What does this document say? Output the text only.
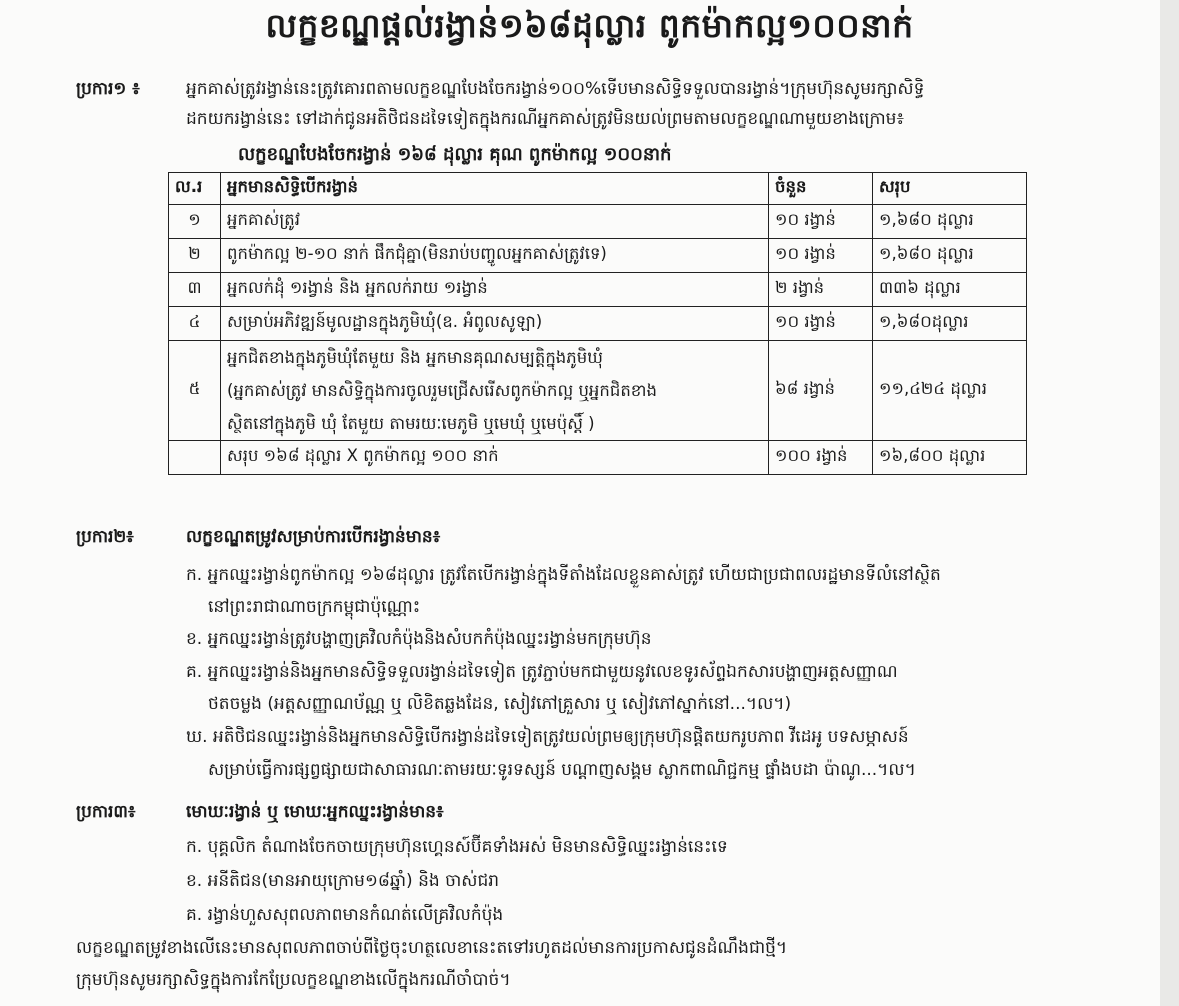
លក្ខខណ្ឌផ្តល់រង្វាន់១៦៨ដុល្លារ ពូកម៉ាកល្អ១០០នាក់
ប្រការ១ ៖	អ្នកគាស់ត្រូវរង្វាន់នេះត្រូវគោរពតាមលក្ខខណ្ឌបែងចែករង្វាន់១០០%ទើបមានសិទ្ធិទទួលបានរង្វាន់។ក្រុមហ៊ុនសូមរក្សាសិទ្ធិ
ដកយករង្វាន់នេះ ទៅដាក់ជូនអតិថិជនដទៃទៀតក្នុងករណីអ្នកគាស់ត្រូវមិនយល់ព្រមតាមលក្ខខណ្ឌណាមួយខាងក្រោម៖
លក្ខខណ្ឌបែងចែករង្វាន់ ១៦៨ ដុល្លារ គុណ ពូកម៉ាកល្អ ១០០នាក់
ល.រ	អ្នកមានសិទ្ធិបើករង្វាន់	ចំនួន	សរុប
១	អ្នកគាស់ត្រូវ	១០ រង្វាន់	១,៦៨០ ដុល្លារ
២	ពូកម៉ាកល្អ ២-១០ នាក់ ផឹកជុំគ្នា(មិនរាប់បញ្ចូលអ្នកគាស់ត្រូវទេ)	១០ រង្វាន់	១,៦៨០ ដុល្លារ
៣	អ្នកលក់ដុំ ១រង្វាន់ និង អ្នកលក់រាយ ១រង្វាន់	២ រង្វាន់	៣៣៦ ដុល្លារ
៤	សម្រាប់អភិវឌ្ឍន៍មូលដ្ឋានក្នុងភូមិឃុំ(ឧ. អំពូលសូឡា)	១០ រង្វាន់	១,៦៨០ដុល្លារ
៥	អ្នកជិតខាងក្នុងភូមិឃុំតែមួយ និង អ្នកមានគុណសម្បត្តិក្នុងភូមិឃុំ
(អ្នកគាស់ត្រូវ មានសិទ្ធិក្នុងការចូលរួមជ្រើសរើសពូកម៉ាកល្អ ឬអ្នកជិតខាង
ស្ថិតនៅក្នុងភូមិ ឃុំ តែមួយ តាមរយៈមេភូមិ ឬមេឃុំ ឬមេប៉ុស្តិ៍ )	៦៨ រង្វាន់	១១,៤២៤ ដុល្លារ
	សរុប ១៦៨ ដុល្លារ X ពូកម៉ាកល្អ ១០០ នាក់	១០០ រង្វាន់	១៦,៨០០ ដុល្លារ
ប្រការ២៖	លក្ខខណ្ឌតម្រូវសម្រាប់ការបើករង្វាន់មាន៖
ក. អ្នកឈ្នះរង្វាន់ពូកម៉ាកល្អ ១៦៨ដុល្លារ ត្រូវតែបើករង្វាន់ក្នុងទីតាំងដែលខ្លួនគាស់ត្រូវ ហើយជាប្រជាពលរដ្ឋមានទីលំនៅស្ថិត
នៅព្រះរាជាណាចក្រកម្ពុជាប៉ុណ្ណោះ
ខ. អ្នកឈ្នះរង្វាន់ត្រូវបង្ហាញគ្រវិលកំប៉ុងនិងសំបកកំប៉ុងឈ្នះរង្វាន់មកក្រុមហ៊ុន
គ. អ្នកឈ្នះរង្វាន់និងអ្នកមានសិទ្ធិទទួលរង្វាន់ដទៃទៀត ត្រូវភ្ជាប់មកជាមួយនូវលេខទូរស័ព្ទឯកសារបង្ហាញអត្តសញ្ញាណ
ថតចម្លង (អត្តសញ្ញាណប័ណ្ណ ឬ លិខិតឆ្លងដែន, សៀវភៅគ្រួសារ ឬ សៀវភៅស្នាក់នៅ...។ល។)
ឃ. អតិថិជនឈ្នះរង្វាន់និងអ្នកមានសិទ្ធិបើករង្វាន់ដទៃទៀតត្រូវយល់ព្រមឲ្យក្រុមហ៊ុនផ្តិតយករូបភាព វីដេអូ បទសម្ភាសន៍
សម្រាប់ធ្វើការផ្សព្វផ្សាយជាសាធារណៈតាមរយៈទូរទស្សន៍ បណ្តាញសង្គម ស្លាកពាណិជ្ជកម្ម ផ្ទាំងបដា ប៉ាណូ...។ល។
ប្រការ៣៖	មោឃៈរង្វាន់ ឬ មោឃៈអ្នកឈ្នះរង្វាន់មាន៖
ក. បុគ្គលិក តំណាងចែកចាយក្រុមហ៊ុនហ្គេនស៍ប៊ីគទាំងអស់ មិនមានសិទ្ធិឈ្នះរង្វាន់នេះទេ
ខ. អនីតិជន(មានអាយុក្រោម១៨ឆ្នាំ) និង ចាស់ជរា
គ. រង្វាន់ហួសសុពលភាពមានកំណត់លើគ្រវិលកំប៉ុង
លក្ខខណ្ឌតម្រូវខាងលើនេះមានសុពលភាពចាប់ពីថ្ងៃចុះហត្ថលេខានេះតទៅរហូតដល់មានការប្រកាសជូនដំណឹងជាថ្មី។
ក្រុមហ៊ុនសូមរក្សាសិទ្ធក្នុងការកែប្រែលក្ខខណ្ឌខាងលើក្នុងករណីចាំបាច់។
